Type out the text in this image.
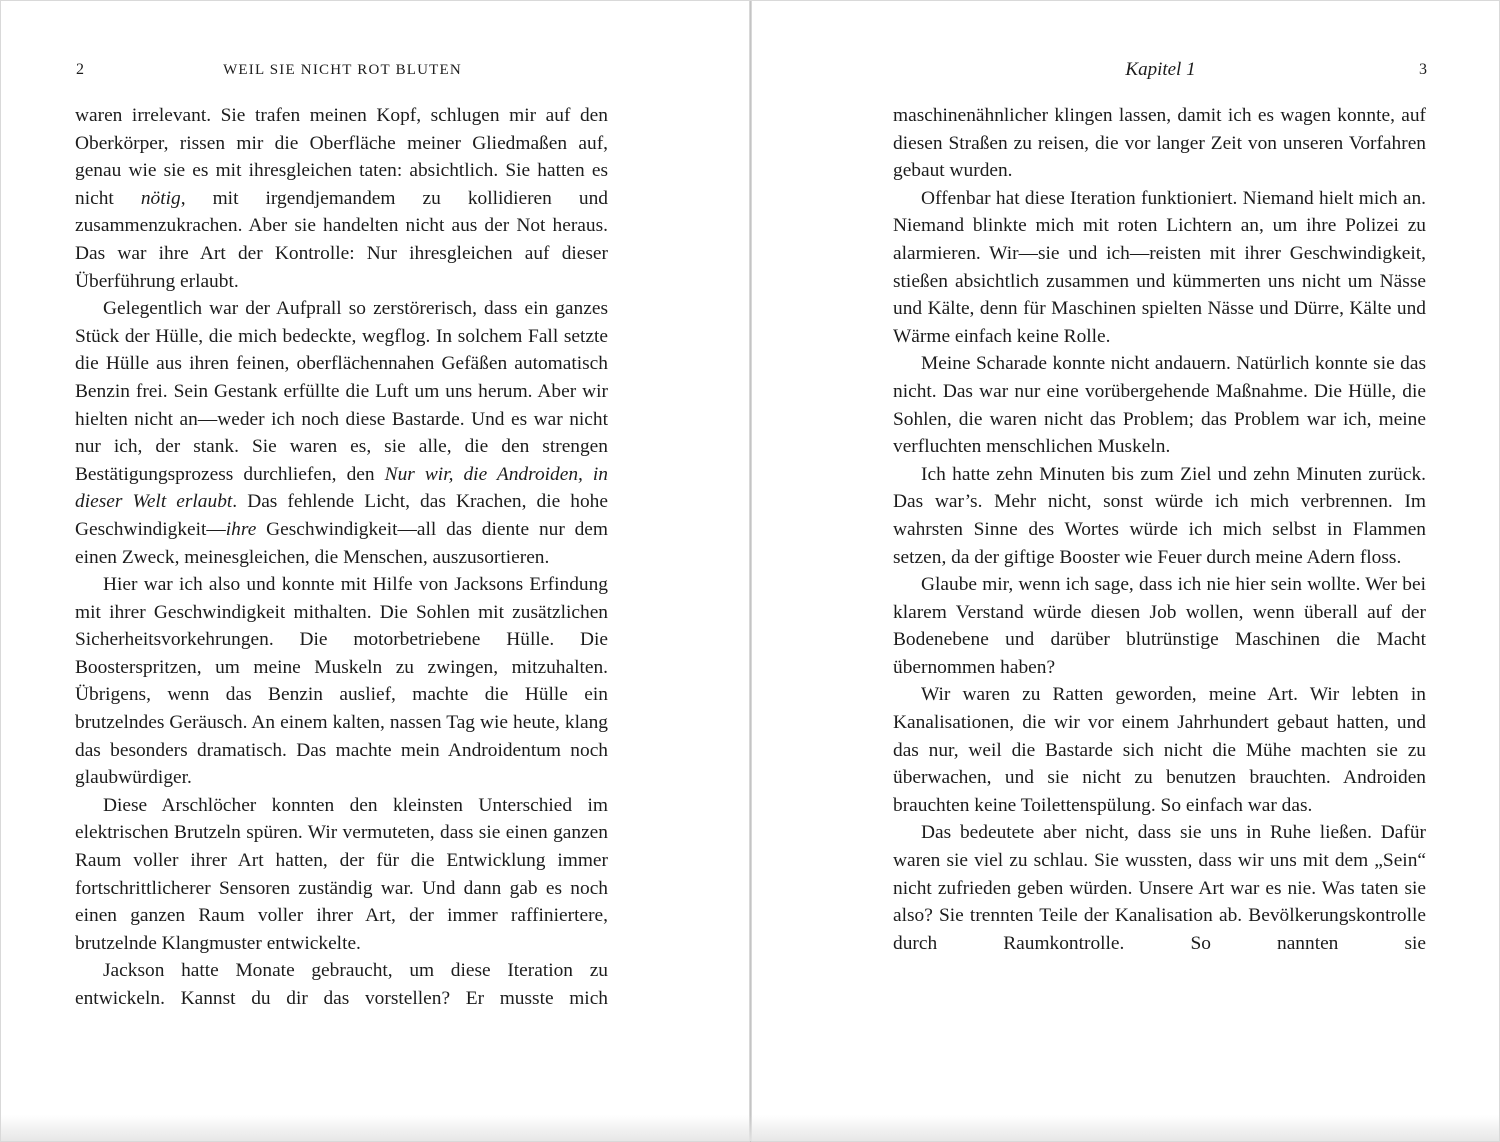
2	WEIL SIE NICHT ROT BLUTEN

waren irrelevant. Sie trafen meinen Kopf, schlugen mir auf den Oberkörper, rissen mir die Oberfläche meiner Gliedmaßen auf, genau wie sie es mit ihresgleichen taten: absichtlich. Sie hatten es nicht nötig, mit irgendjemandem zu kollidieren und zusammenzukrachen. Aber sie handelten nicht aus der Not heraus. Das war ihre Art der Kontrolle: Nur ihresgleichen auf dieser Überführung erlaubt.

Gelegentlich war der Aufprall so zerstörerisch, dass ein ganzes Stück der Hülle, die mich bedeckte, wegflog. In solchem Fall setzte die Hülle aus ihren feinen, oberflächennahen Gefäßen automatisch Benzin frei. Sein Gestank erfüllte die Luft um uns herum. Aber wir hielten nicht an—weder ich noch diese Bastarde. Und es war nicht nur ich, der stank. Sie waren es, sie alle, die den strengen Bestätigungsprozess durchliefen, den Nur wir, die Androiden, in dieser Welt erlaubt. Das fehlende Licht, das Krachen, die hohe Geschwindigkeit—ihre Geschwindigkeit—all das diente nur dem einen Zweck, meinesgleichen, die Menschen, auszusortieren.

Hier war ich also und konnte mit Hilfe von Jacksons Erfindung mit ihrer Geschwindigkeit mithalten. Die Sohlen mit zusätzlichen Sicherheitsvorkehrungen. Die motorbetriebene Hülle. Die Boosterspritzen, um meine Muskeln zu zwingen, mitzuhalten. Übrigens, wenn das Benzin auslief, machte die Hülle ein brutzelndes Geräusch. An einem kalten, nassen Tag wie heute, klang das besonders dramatisch. Das machte mein Androidentum noch glaubwürdiger.

Diese Arschlöcher konnten den kleinsten Unterschied im elektrischen Brutzeln spüren. Wir vermuteten, dass sie einen ganzen Raum voller ihrer Art hatten, der für die Entwicklung immer fortschrittlicherer Sensoren zuständig war. Und dann gab es noch einen ganzen Raum voller ihrer Art, der immer raffiniertere, brutzelnde Klangmuster entwickelte.

Jackson hatte Monate gebraucht, um diese Iteration zu entwickeln. Kannst du dir das vorstellen? Er musste mich

Kapitel 1	3

maschinenähnlicher klingen lassen, damit ich es wagen konnte, auf diesen Straßen zu reisen, die vor langer Zeit von unseren Vorfahren gebaut wurden.

Offenbar hat diese Iteration funktioniert. Niemand hielt mich an. Niemand blinkte mich mit roten Lichtern an, um ihre Polizei zu alarmieren. Wir—sie und ich—reisten mit ihrer Geschwindigkeit, stießen absichtlich zusammen und kümmerten uns nicht um Nässe und Kälte, denn für Maschinen spielten Nässe und Dürre, Kälte und Wärme einfach keine Rolle.

Meine Scharade konnte nicht andauern. Natürlich konnte sie das nicht. Das war nur eine vorübergehende Maßnahme. Die Hülle, die Sohlen, die waren nicht das Problem; das Problem war ich, meine verfluchten menschlichen Muskeln.

Ich hatte zehn Minuten bis zum Ziel und zehn Minuten zurück. Das war’s. Mehr nicht, sonst würde ich mich verbrennen. Im wahrsten Sinne des Wortes würde ich mich selbst in Flammen setzen, da der giftige Booster wie Feuer durch meine Adern floss.

Glaube mir, wenn ich sage, dass ich nie hier sein wollte. Wer bei klarem Verstand würde diesen Job wollen, wenn überall auf der Bodenebene und darüber blutrünstige Maschinen die Macht übernommen haben?

Wir waren zu Ratten geworden, meine Art. Wir lebten in Kanalisationen, die wir vor einem Jahrhundert gebaut hatten, und das nur, weil die Bastarde sich nicht die Mühe machten sie zu überwachen, und sie nicht zu benutzen brauchten. Androiden brauchten keine Toilettenspülung. So einfach war das.

Das bedeutete aber nicht, dass sie uns in Ruhe ließen. Dafür waren sie viel zu schlau. Sie wussten, dass wir uns mit dem „Sein“ nicht zufrieden geben würden. Unsere Art war es nie. Was taten sie also? Sie trennten Teile der Kanalisation ab. Bevölkerungskontrolle durch Raumkontrolle. So nannten sie
